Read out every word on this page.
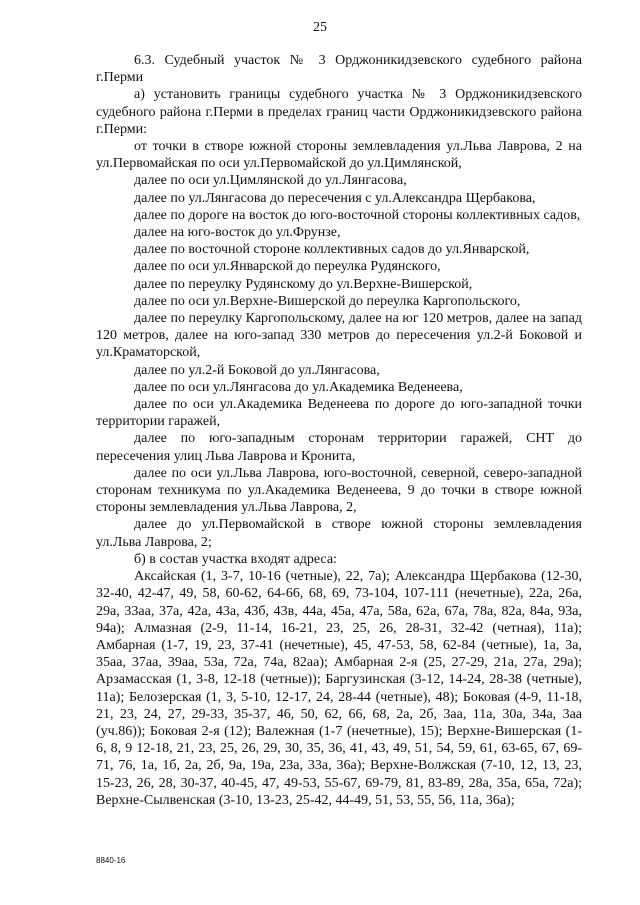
25

6.3. Судебный участок № 3 Орджоникидзевского судебного района г.Перми

а) установить границы судебного участка № 3 Орджоникидзевского судебного района г.Перми в пределах границ части Орджоникидзевского района г.Перми:

от точки в створе южной стороны землевладения ул.Льва Лаврова, 2 на ул.Первомайская по оси ул.Первомайской до ул.Цимлянской,

далее по оси ул.Цимлянской до ул.Лянгасова,

далее по ул.Лянгасова до пересечения с ул.Александра Щербакова,

далее по дороге на восток до юго-восточной стороны коллективных садов,

далее на юго-восток до ул.Фрунзе,

далее по восточной стороне коллективных садов до ул.Январской,

далее по оси ул.Январской до переулка Рудянского,

далее по переулку Рудянскому до ул.Верхне-Вишерской,

далее по оси ул.Верхне-Вишерской до переулка Каргопольского,

далее по переулку Каргопольскому, далее на юг 120 метров, далее на запад 120 метров, далее на юго-запад 330 метров до пересечения ул.2-й Боковой и ул.Краматорской,

далее по ул.2-й Боковой до ул.Лянгасова,

далее по оси ул.Лянгасова до ул.Академика Веденеева,

далее по оси ул.Академика Веденеева по дороге до юго-западной точки территории гаражей,

далее по юго-западным сторонам территории гаражей, СНТ до пересечения улиц Льва Лаврова и Кронита,

далее по оси ул.Льва Лаврова, юго-восточной, северной, северо-западной сторонам техникума по ул.Академика Веденеева, 9 до точки в створе южной стороны землевладения ул.Льва Лаврова, 2,

далее до ул.Первомайской в створе южной стороны землевладения ул.Льва Лаврова, 2;

б) в состав участка входят адреса:

Аксайская (1, 3-7, 10-16 (четные), 22, 7а); Александра Щербакова (12-30, 32-40, 42-47, 49, 58, 60-62, 64-66, 68, 69, 73-104, 107-111 (нечетные), 22а, 26а, 29а, 33аа, 37а, 42а, 43а, 43б, 43в, 44а, 45а, 47а, 58а, 62а, 67а, 78а, 82а, 84а, 93а, 94а); Алмазная (2-9, 11-14, 16-21, 23, 25, 26, 28-31, 32-42 (четная), 11а); Амбарная (1-7, 19, 23, 37-41 (нечетные), 45, 47-53, 58, 62-84 (четные), 1а, 3а, 35аа, 37аа, 39аа, 53а, 72а, 74а, 82аа); Амбарная 2-я (25, 27-29, 21а, 27а, 29а); Арзамасская (1, 3-8, 12-18 (четные)); Баргузинская (3-12, 14-24, 28-38 (четные), 11а); Белозерская (1, 3, 5-10, 12-17, 24, 28-44 (четные), 48); Боковая (4-9, 11-18, 21, 23, 24, 27, 29-33, 35-37, 46, 50, 62, 66, 68, 2а, 2б, 3аа, 11а, 30а, 34а, 3аа (уч.86)); Боковая 2-я (12); Валежная (1-7 (нечетные), 15); Верхне-Вишерская (1-6, 8, 9 12-18, 21, 23, 25, 26, 29, 30, 35, 36, 41, 43, 49, 51, 54, 59, 61, 63-65, 67, 69-71, 76, 1а, 1б, 2а, 2б, 9а, 19а, 23а, 33а, 36а); Верхне-Волжская (7-10, 12, 13, 23, 15-23, 26, 28, 30-37, 40-45, 47, 49-53, 55-67, 69-79, 81, 83-89, 28а, 35а, 65а, 72а); Верхне-Сылвенская (3-10, 13-23, 25-42, 44-49, 51, 53, 55, 56, 11а, 36а);

8840-16
